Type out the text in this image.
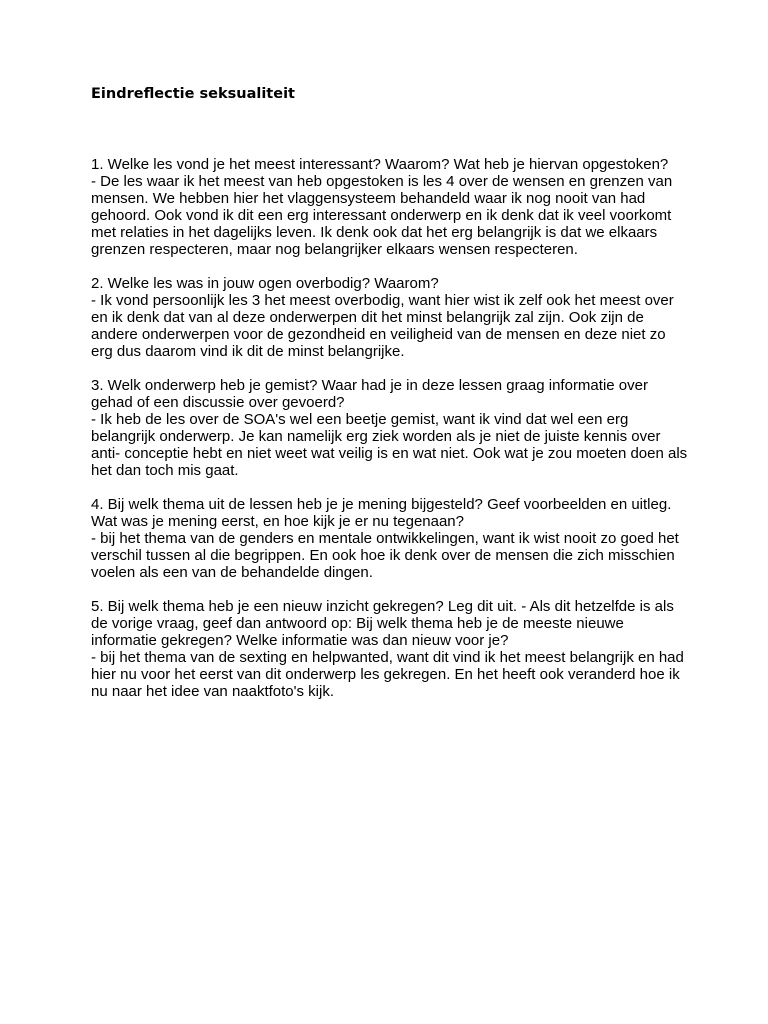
Eindreflectie seksualiteit

1. Welke les vond je het meest interessant? Waarom? Wat heb je hiervan opgestoken?

- De les waar ik het meest van heb opgestoken is les 4 over de wensen en grenzen van mensen. We hebben hier het vlaggensysteem behandeld waar ik nog nooit van had gehoord. Ook vond ik dit een erg interessant onderwerp en ik denk dat ik veel voorkomt met relaties in het dagelijks leven. Ik denk ook dat het erg belangrijk is dat we elkaars grenzen respecteren, maar nog belangrijker elkaars wensen respecteren.

2. Welke les was in jouw ogen overbodig? Waarom?

- Ik vond persoonlijk les 3 het meest overbodig, want hier wist ik zelf ook het meest over en ik denk dat van al deze onderwerpen dit het minst belangrijk zal zijn. Ook zijn de andere onderwerpen voor de gezondheid en veiligheid van de mensen en deze niet zo erg dus daarom vind ik dit de minst belangrijke.

3. Welk onderwerp heb je gemist? Waar had je in deze lessen graag informatie over gehad of een discussie over gevoerd?

- Ik heb de les over de SOA's wel een beetje gemist, want ik vind dat wel een erg belangrijk onderwerp. Je kan namelijk erg ziek worden als je niet de juiste kennis over anti- conceptie hebt en niet weet wat veilig is en wat niet. Ook wat je zou moeten doen als het dan toch mis gaat.

4. Bij welk thema uit de lessen heb je je mening bijgesteld? Geef voorbeelden en uitleg. Wat was je mening eerst, en hoe kijk je er nu tegenaan?

- bij het thema van de genders en mentale ontwikkelingen, want ik wist nooit zo goed het verschil tussen al die begrippen. En ook hoe ik denk over de mensen die zich misschien voelen als een van de behandelde dingen.

5. Bij welk thema heb je een nieuw inzicht gekregen? Leg dit uit. - Als dit hetzelfde is als de vorige vraag, geef dan antwoord op: Bij welk thema heb je de meeste nieuwe informatie gekregen? Welke informatie was dan nieuw voor je?

- bij het thema van de sexting en helpwanted, want dit vind ik het meest belangrijk en had hier nu voor het eerst van dit onderwerp les gekregen. En het heeft ook veranderd hoe ik nu naar het idee van naaktfoto's kijk.
